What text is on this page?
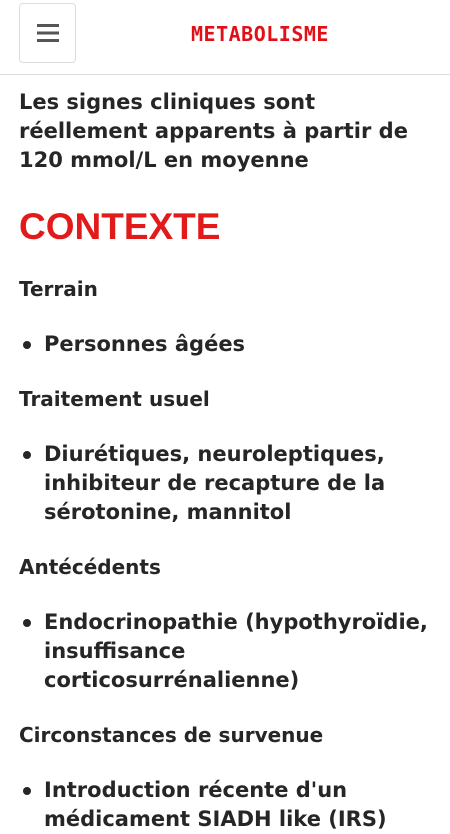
METABOLISME

Les signes cliniques sont réellement apparents à partir de 120 mmol/L en moyenne

CONTEXTE
Terrain
Personnes âgées
Traitement usuel
Diurétiques, neuroleptiques, inhibiteur de recapture de la sérotonine, mannitol
Antécédents
Endocrinopathie (hypothyroïdie, insuffisance corticosurrénalienne)
Circonstances de survenue
Introduction récente d'un médicament SIADH like (IRS)
